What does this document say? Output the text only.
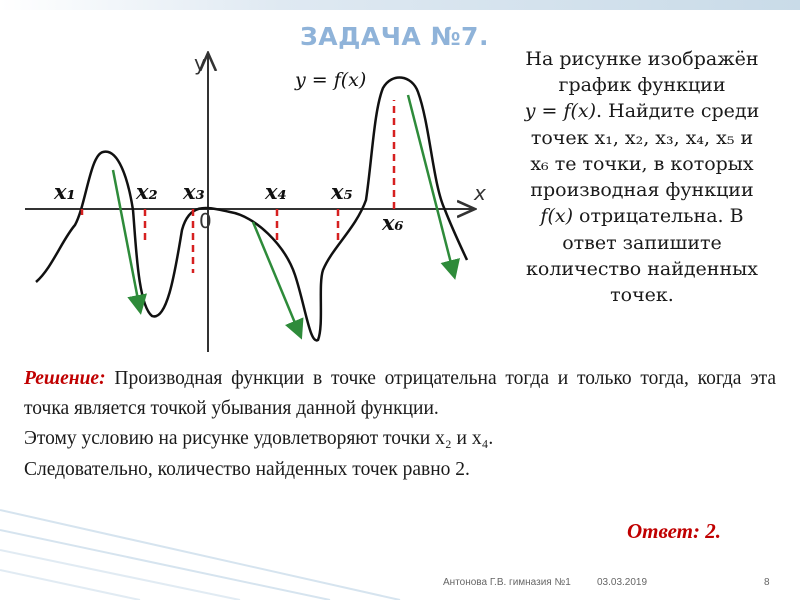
ЗАДАЧА №7.
y
x
0
y = f(x)
x₁	x₂ x₃	x₄ x₅
x₆
На рисунке изображён
график функции
y = f(x). Найдите среди
точек x₁, x₂, x₃, x₄, x₅ и
x₆ те точки, в которых
производная функции
f(x) отрицательна. В
ответ запишите
количество найденных
точек.
Решение: Производная функции в точке отрицательна тогда и только тогда, когда эта точка является точкой убывания данной функции.
Этому условию на рисунке удовлетворяют точки x₂ и x₄.
Следовательно, количество найденных точек равно 2.
Ответ: 2.
Антонова Г.В. гимназия №1	03.03.2019	8
